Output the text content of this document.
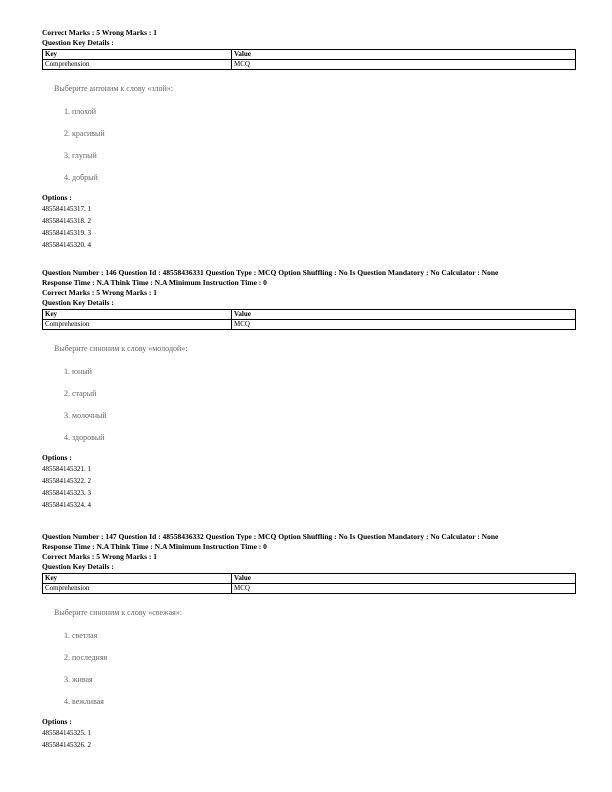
Correct Marks : 5 Wrong Marks : 1
Question Key Details :
Key	Value
Comprehension	MCQ
Выберите антоним к слову «злой»:
1. плохой
2. красивый
3. глупый
4. добрый
Options :
485584145317. 1
485584145318. 2
485584145319. 3
485584145320. 4
Question Number : 146 Question Id : 48558436331 Question Type : MCQ Option Shuffling : No Is Question Mandatory : No Calculator : None
Response Time : N.A Think Time : N.A Minimum Instruction Time : 0
Correct Marks : 5 Wrong Marks : 1
Question Key Details :
Key	Value
Comprehension	MCQ
Выберите синоним к слову «молодой»:
1. юный
2. старый
3. молочный
4. здоровый
Options :
485584145321. 1
485584145322. 2
485584145323. 3
485584145324. 4
Question Number : 147 Question Id : 48558436332 Question Type : MCQ Option Shuffling : No Is Question Mandatory : No Calculator : None
Response Time : N.A Think Time : N.A Minimum Instruction Time : 0
Correct Marks : 5 Wrong Marks : 1
Question Key Details :
Key	Value
Comprehension	MCQ
Выберите синоним к слову «свежая»:
1. светлая
2. последняя
3. живая
4. вежливая
Options :
485584145325. 1
485584145326. 2
